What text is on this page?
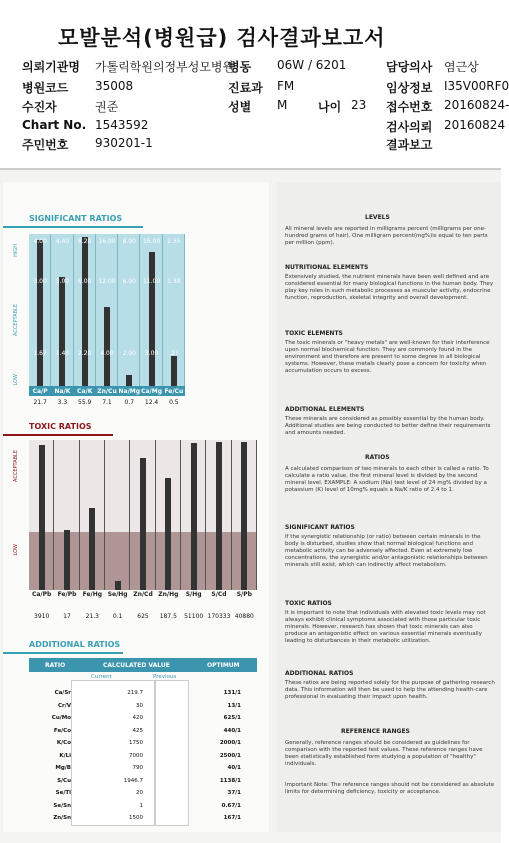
모발분석(병원급) 검사결과보고서
의뢰기관명 가톨릭학원의정부성모병원
병동 06W / 6201	담당의사 염근상
병원코드 35008	진료과 FM	임상정보 I35V00RF0
수진자	권준	성별 M	나이 23 접수번호 20160824-
Chart No. 1543592	검사의뢰 20160824
주민번호 930201-1	결과보고
SIGNIFICANT RATIOS
4.00
3.00
1.67
4.40
3.00
1.40
8.20
6.00
2.20
16.00
12.00
4.00
8.00
6.00
2.00
15.00
11.00
3.00
2.35
1.38
.27
Ca/P	Na/K	Ca/K Zn/Cu Na/Mg Ca/Mg Fe/Cu
21.7	3.3	55.9	7.1	0.7	12.4	0.5
HIGH
ACCEPTABLE
LOW
TOXIC RATIOS
Ca/Pb	Fe/Pb	Fe/Hg Se/Hg Zn/Cd Zn/Hg	S/Hg	S/Cd	S/Pb
3910	17	21.3	0.1	625	187.5	51100 170333 40880
ACCEPTABLE
LOW
ADDITIONAL RATIOS
RATIO	CALCULATED VALUE	OPTIMUM
Current	Previous
Ca/Sr	219.7	131/1
Cr/V	30	13/1
Cu/Mo	420	625/1
Fe/Co	425	440/1
K/Co	1750	2000/1
K/Li	7000	2500/1
Mg/B	790	40/1
S/Cu	1946.7	1138/1
Se/Tl	20	37/1
Se/Sn	1	0.67/1
Zn/Sn	1500	167/1
LEVELS
All mineral levels are reported in milligrams percent (milligrams per one-hundred grams of hair). One milligram percent(mg%)is equal to ten parts per million (ppm).
NUTRITIONAL ELEMENTS
Extensively studied, the nutrient minerals have been well defined and are considered essential for many biological functions in the human body. They play key roles in such metabolic processes as muscular activity, endocrine function, reproduction, skeletal integrity and overall development.
TOXIC ELEMENTS
The toxic minerals or "heavy metals" are well-known for their interference upon normal biochemical function. They are commonly found in the environment and therefore are present to some degree in all biological systems. However, these metals clearly pose a concern for toxicity when accumulation occurs to excess.
ADDITIONAL ELEMENTS
These minerals are considered as possibly essential by the human body. Additional studies are being conducted to better define their requirements and amounts needed.
RATIOS
A calculated comparison of two minerals to each other is called a ratio. To calculate a ratio value, the first mineral level is divided by the second mineral level. EXAMPLE: A sodium (Na) test level of 24 mg% divided by a potassium (K) level of 10mg% equals a Na/K ratio of 2.4 to 1.
SIGNIFICANT RATIOS
If the synergistic relationship (or ratio) between certain minerals in the body is disturbed, studies show that normal biological functions and metabolic activity can be adversely affected. Even at extremely low concentrations, the synergistic and/or antagonistic relationships between minerals still exist, which can indirectly affect metabolism.
TOXIC RATIOS
It is important to note that individuals with elevated toxic levels may not always exhibit clinical symptoms associated with those particular toxic minerals. However, research has shown that toxic minerals can also produce an antagonistic effect on various essential minerals eventually leading to disturbances in their metabolic utilization.
ADDITIONAL RATIOS
These ratios are being reported solely for the purpose of gathering research data. This information will then be used to help the attending health-care professional in evaluating their impact upon health.
REFERENCE RANGES
Generally, reference ranges should be considered as guidelines for comparison with the reported test values. These reference ranges have been statistically established form studying a population of "healthy" individuals.
Important Note: The reference ranges should not be considered as absolute limits for determining deficiency, toxicity or acceptance.
